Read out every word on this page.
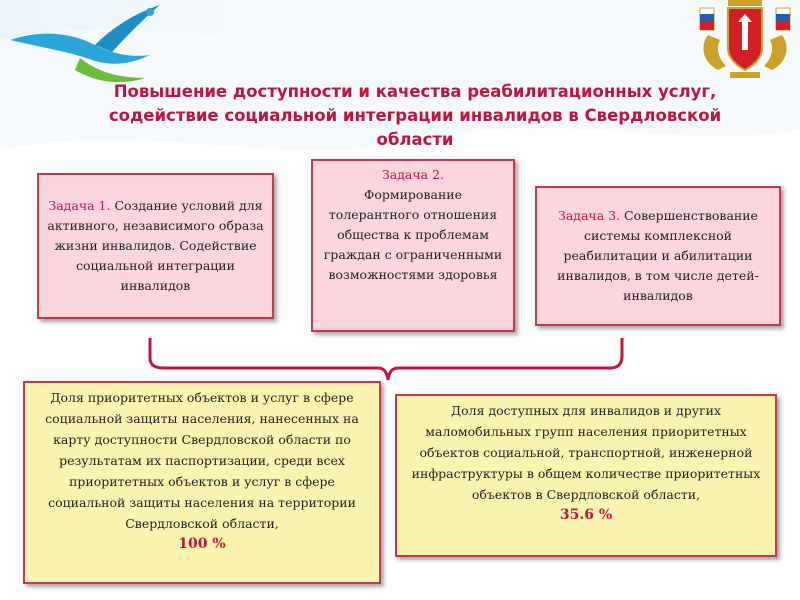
Повышение доступности и качества реабилитационных услуг, содействие социальной интеграции инвалидов в Свердловской области
Задача 1. Создание условий для активного, независимого образа жизни инвалидов. Содействие социальной интеграции инвалидов
Задача 2.
Формирование толерантного отношения общества к проблемам граждан с ограниченными возможностями здоровья
Задача 3. Совершенствование системы комплексной реабилитации и абилитации инвалидов, в том числе детей-инвалидов
Доля приоритетных объектов и услуг в сфере социальной защиты населения, нанесенных на карту доступности Свердловской области по результатам их паспортизации, среди всех приоритетных объектов и услуг в сфере социальной защиты населения на территории Свердловской области,
100 %
Доля доступных для инвалидов и других маломобильных групп населения приоритетных объектов социальной, транспортной, инженерной инфраструктуры в общем количестве приоритетных объектов в Свердловской области,
35.6 %
